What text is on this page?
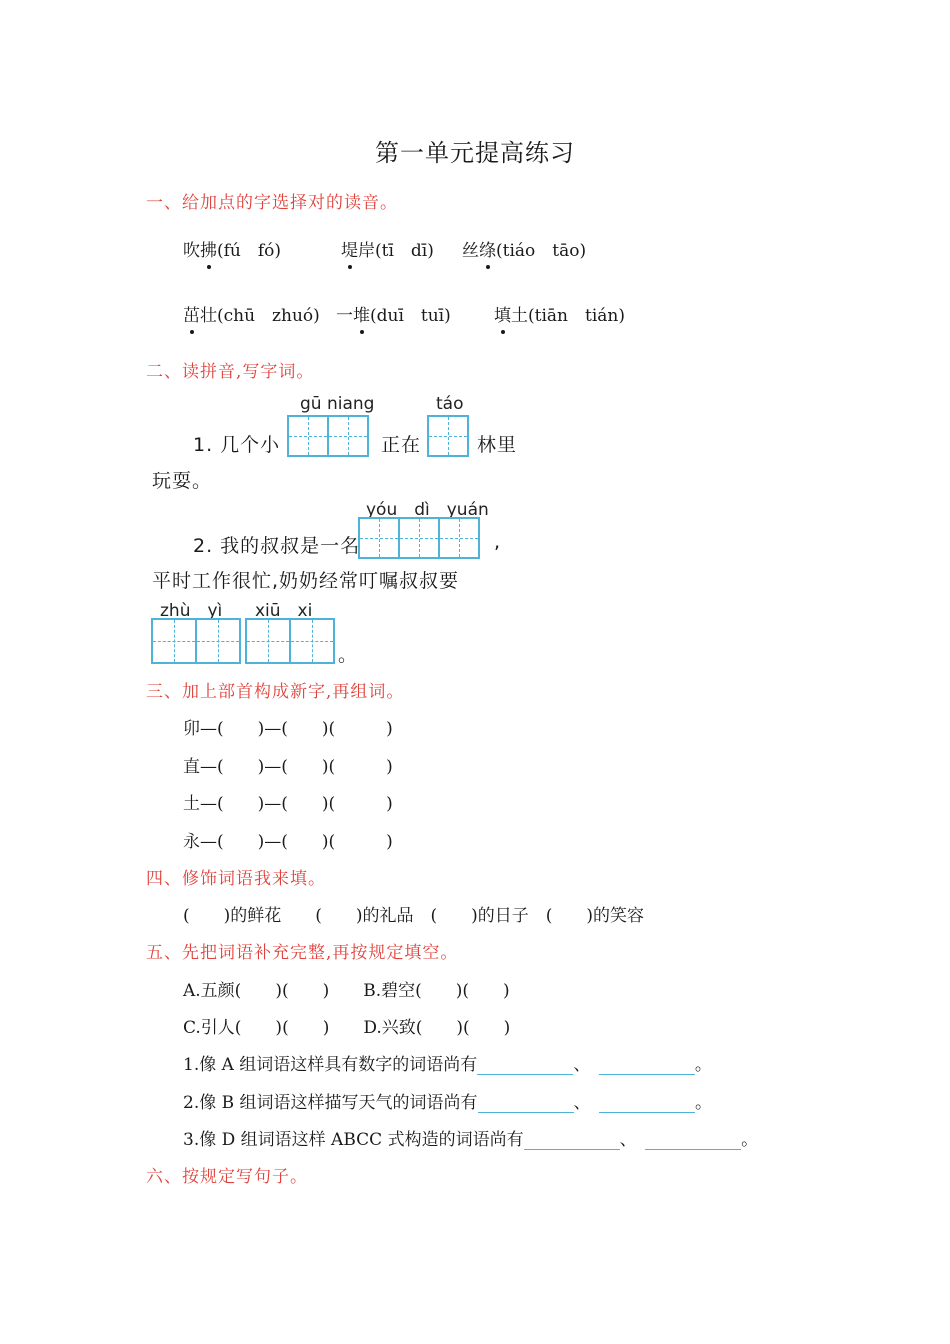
第一单元提高练习
一、给加点的字选择对的读音。
吹拂(fú　fó)	堤岸(tī　dī) 丝绦(tiáo　tāo)
茁壮(chū　zhuó) 一堆(duī　tuī)	填土(tiān　tián)
二、读拼音,写字词。
gū niang	táo
1. 几个小	正在	林里
玩耍。
yóu　dì　yuán
2. 我的叔叔是一名	,
平时工作很忙,奶奶经常叮嘱叔叔要
zhù　yì xiū　xi
。
三、加上部首构成新字,再组词。
卯—(　　)—(　　)(　　　)
直—(　　)—(　　)(　　　)
土—(　　)—(　　)(　　　)
永—(　　)—(　　)(　　　)
四、修饰词语我来填。
(　　)的鲜花　　(　　)的礼品　(　　)的日子　(　　)的笑容
五、先把词语补充完整,再按规定填空。
A.五颜(　　)(　　)　　B.碧空(　　)(　　)
C.引人(　　)(　　)　　D.兴致(　　)(　　)
1.像 A 组词语这样具有数字的词语尚有	、　	。
2.像 B 组词语这样描写天气的词语尚有	、　	。
3.像 D 组词语这样 ABCC 式构造的词语尚有	、　	。
六、按规定写句子。
